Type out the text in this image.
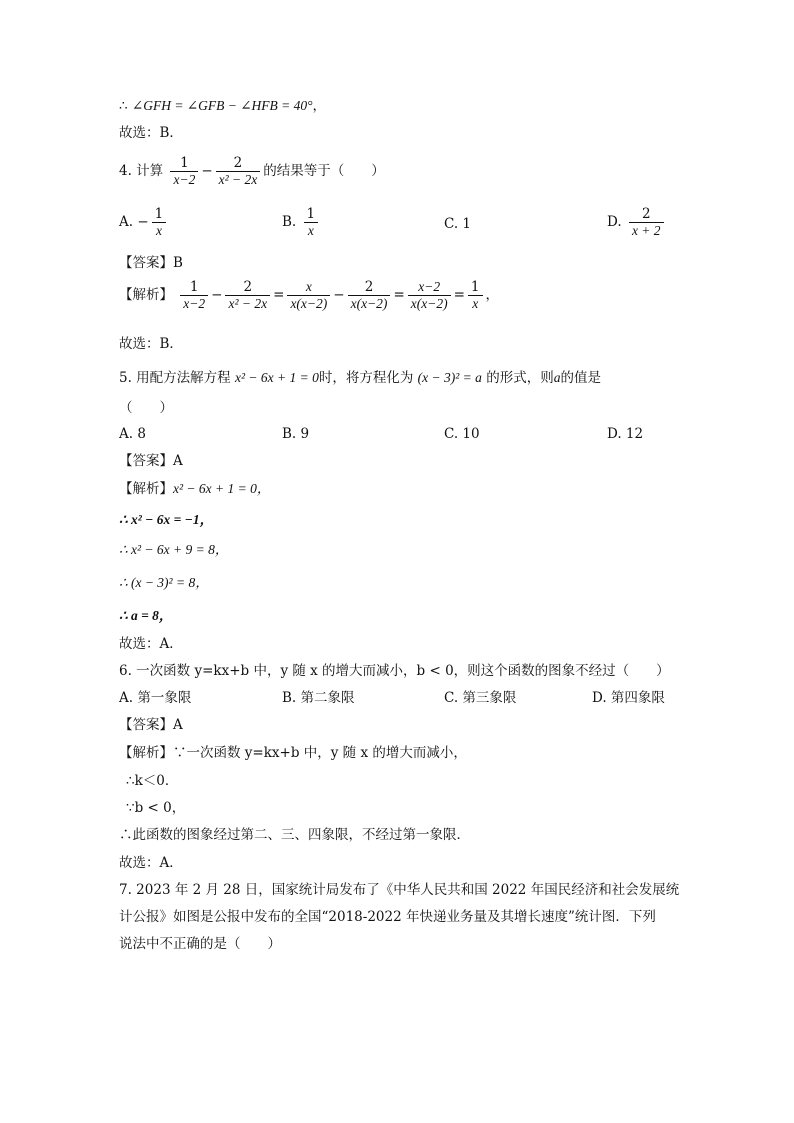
∴ ∠GFH = ∠GFB − ∠HFB = 40°，
故选：B．
4. 计算 $\frac{1}{x-2} - \frac{2}{\text{x² − 2x}}$ 的结果等于（　　）
A. − $\frac{1}{x}$	B. $\frac{1}{x}$	C. 1	D. $\frac{2}{x + 2}$
【答案】B
【解析】 $\frac{1}{x-2} - \frac{2}{\text{x² − 2x}} = \frac{x}{x(x-2)} - \frac{2}{x(x-2)} = \frac{x-2}{x(x-2)} = \frac{1}{x}$ ，
故选：B．
5. 用配方法解方程 x² − 6x + 1 = 0时，将方程化为 (x − 3)² = a 的形式，则a的值是
（　　）
A. 8	B. 9	C. 10	D. 12
【答案】A
【解析】x² − 6x + 1 = 0，
∴ x² − 6x = −1，
∴ x² − 6x + 9 = 8，
∴ (x − 3)² = 8，
∴ a = 8，
故选：A．
6. 一次函数 y=kx+b 中，y 随 x 的增大而减小，b < 0，则这个函数的图象不经过（　　）
A. 第一象限	B. 第二象限	C. 第三象限	D. 第四象限
【答案】A
【解析】∵一次函数 y=kx+b 中，y 随 x 的增大而减小，
∴k＜0．
∵b < 0，
∴此函数的图象经过第二、三、四象限，不经过第一象限．
故选：A．
7. 2023 年 2 月 28 日，国家统计局发布了《中华人民共和国 2022 年国民经济和社会发展统
计公报》如图是公报中发布的全国“2018-2022 年快递业务量及其增长速度”统计图．下列
说法中不正确的是（　　）
